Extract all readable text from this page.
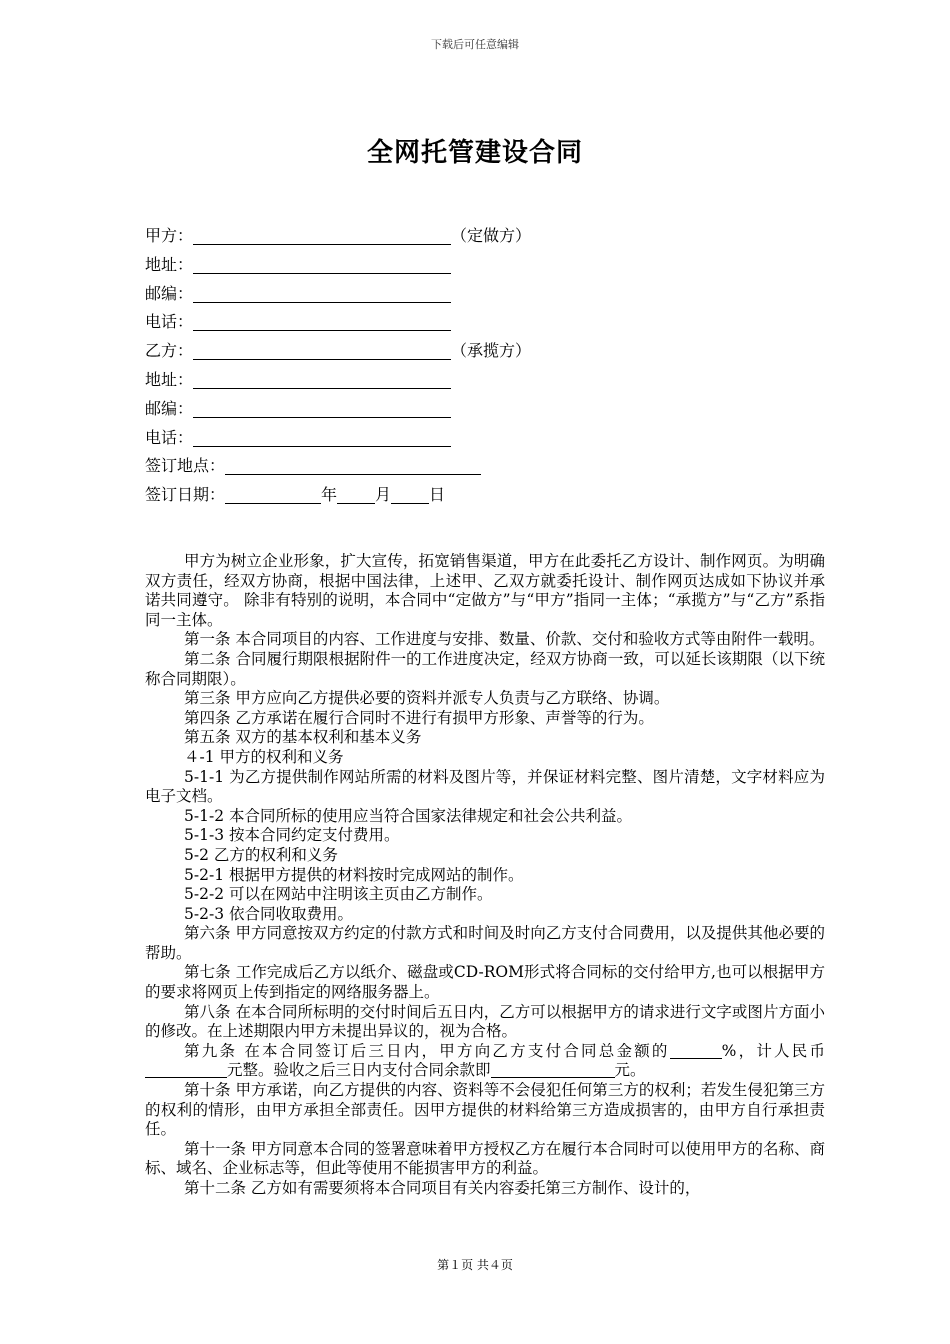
下载后可任意编辑
全网托管建设合同
甲方：	（定做方）
地址：
邮编：
电话：
乙方：	（承揽方）
地址：
邮编：
电话：
签订地点：
签订日期：	年 月 日

甲方为树立企业形象，扩大宣传，拓宽销售渠道，甲方在此委托乙方设计、制作网页。为明确双方责任，经双方协商，根据中国法律，上述甲、乙双方就委托设计、制作网页达成如下协议并承诺共同遵守。 除非有特别的说明，本合同中“定做方”与“甲方”指同一主体；“承揽方”与“乙方”系指同一主体。

第一条 本合同项目的内容、工作进度与安排、数量、价款、交付和验收方式等由附件一载明。

第二条 合同履行期限根据附件一的工作进度决定，经双方协商一致，可以延长该期限（以下统称合同期限）。

第三条 甲方应向乙方提供必要的资料并派专人负责与乙方联络、协调。

第四条 乙方承诺在履行合同时不进行有损甲方形象、声誉等的行为。

第五条 双方的基本权利和基本义务

４-1 甲方的权利和义务

5-1-1 为乙方提供制作网站所需的材料及图片等，并保证材料完整、图片清楚，文字材料应为电子文档。

5-1-2 本合同所标的使用应当符合国家法律规定和社会公共利益。

5-1-3 按本合同约定支付费用。

5-2 乙方的权利和义务

5-2-1 根据甲方提供的材料按时完成网站的制作。

5-2-2 可以在网站中注明该主页由乙方制作。

5-2-3 依合同收取费用。

第六条 甲方同意按双方约定的付款方式和时间及时向乙方支付合同费用，以及提供其他必要的帮助。

第七条 工作完成后乙方以纸介、磁盘或CD-ROM形式将合同标的交付给甲方,也可以根据甲方的要求将网页上传到指定的网络服务器上。

第八条 在本合同所标明的交付时间后五日内，乙方可以根据甲方的请求进行文字或图片方面小的修改。在上述期限内甲方未提出异议的，视为合格。

第九条 在本合同签订后三日内，甲方向乙方支付合同总金额的	%，计人民币元整。验收之后三日内支付合同余款即	元。

第十条 甲方承诺，向乙方提供的内容、资料等不会侵犯任何第三方的权利；若发生侵犯第三方的权利的情形，由甲方承担全部责任。因甲方提供的材料给第三方造成损害的，由甲方自行承担责任。

第十一条 甲方同意本合同的签署意味着甲方授权乙方在履行本合同时可以使用甲方的名称、商标、域名、企业标志等，但此等使用不能损害甲方的利益。

第十二条 乙方如有需要须将本合同项目有关内容委托第三方制作、设计的，

第１页 共４页
